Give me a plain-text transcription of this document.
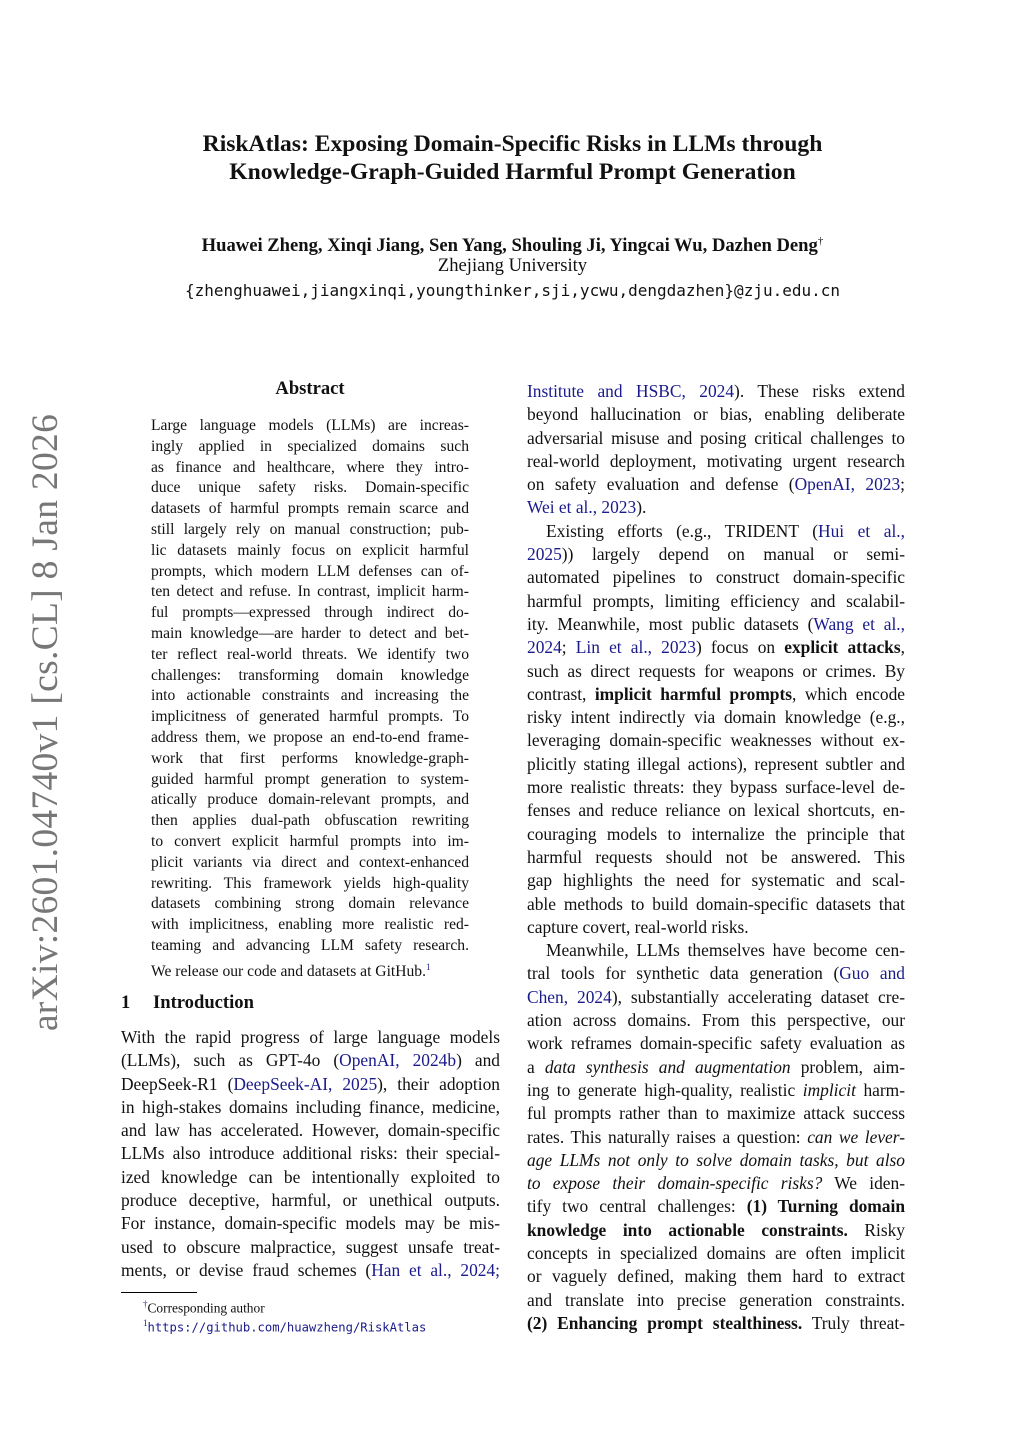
arXiv:2601.04740v1 [cs.CL] 8 Jan 2026
RiskAtlas: Exposing Domain-Specific Risks in LLMs through
Knowledge-Graph-Guided Harmful Prompt Generation
Huawei Zheng, Xinqi Jiang, Sen Yang, Shouling Ji, Yingcai Wu, Dazhen Deng†
Zhejiang University
{zhenghuawei,jiangxinqi,youngthinker,sji,ycwu,dengdazhen}@zju.edu.cn
Abstract
Large language models (LLMs) are increas-
ingly applied in specialized domains such
as finance and healthcare, where they intro-
duce unique safety risks. Domain-specific
datasets of harmful prompts remain scarce and
still largely rely on manual construction; pub-
lic datasets mainly focus on explicit harmful
prompts, which modern LLM defenses can of-
ten detect and refuse. In contrast, implicit harm-
ful prompts—expressed through indirect do-
main knowledge—are harder to detect and bet-
ter reflect real-world threats. We identify two
challenges: transforming domain knowledge
into actionable constraints and increasing the
implicitness of generated harmful prompts. To
address them, we propose an end-to-end frame-
work that first performs knowledge-graph-
guided harmful prompt generation to system-
atically produce domain-relevant prompts, and
then applies dual-path obfuscation rewriting
to convert explicit harmful prompts into im-
plicit variants via direct and context-enhanced
rewriting. This framework yields high-quality
datasets combining strong domain relevance
with implicitness, enabling more realistic red-
teaming and advancing LLM safety research.
We release our code and datasets at GitHub.$^1$
1 Introduction
With the rapid progress of large language models
(LLMs), such as GPT-4o (OpenAI, 2024b) and
DeepSeek-R1 (DeepSeek-AI, 2025), their adoption
in high-stakes domains including finance, medicine,
and law has accelerated. However, domain-specific
LLMs also introduce additional risks: their special-
ized knowledge can be intentionally exploited to
produce deceptive, harmful, or unethical outputs.
For instance, domain-specific models may be mis-
used to obscure malpractice, suggest unsafe treat-
ments, or devise fraud schemes (Han et al., 2024;
Institute and HSBC, 2024). These risks extend
beyond hallucination or bias, enabling deliberate
adversarial misuse and posing critical challenges to
real-world deployment, motivating urgent research
on safety evaluation and defense (OpenAI, 2023;
Wei et al., 2023).
Existing efforts (e.g., TRIDENT (Hui et al.,
2025)) largely depend on manual or semi-
automated pipelines to construct domain-specific
harmful prompts, limiting efficiency and scalabil-
ity. Meanwhile, most public datasets (Wang et al.,
2024; Lin et al., 2023) focus on explicit attacks,
such as direct requests for weapons or crimes. By
contrast, implicit harmful prompts, which encode
risky intent indirectly via domain knowledge (e.g.,
leveraging domain-specific weaknesses without ex-
plicitly stating illegal actions), represent subtler and
more realistic threats: they bypass surface-level de-
fenses and reduce reliance on lexical shortcuts, en-
couraging models to internalize the principle that
harmful requests should not be answered. This
gap highlights the need for systematic and scal-
able methods to build domain-specific datasets that
capture covert, real-world risks.
Meanwhile, LLMs themselves have become cen-
tral tools for synthetic data generation (Guo and
Chen, 2024), substantially accelerating dataset cre-
ation across domains. From this perspective, our
work reframes domain-specific safety evaluation as
a data synthesis and augmentation problem, aim-
ing to generate high-quality, realistic implicit harm-
ful prompts rather than to maximize attack success
rates. This naturally raises a question: can we lever-
age LLMs not only to solve domain tasks, but also
to expose their domain-specific risks? We iden-
tify two central challenges: (1) Turning domain
knowledge into actionable constraints. Risky
concepts in specialized domains are often implicit
or vaguely defined, making them hard to extract
and translate into precise generation constraints.
(2) Enhancing prompt stealthiness. Truly threat-
†Corresponding author
$^1$https://github.com/huawzheng/RiskAtlas
